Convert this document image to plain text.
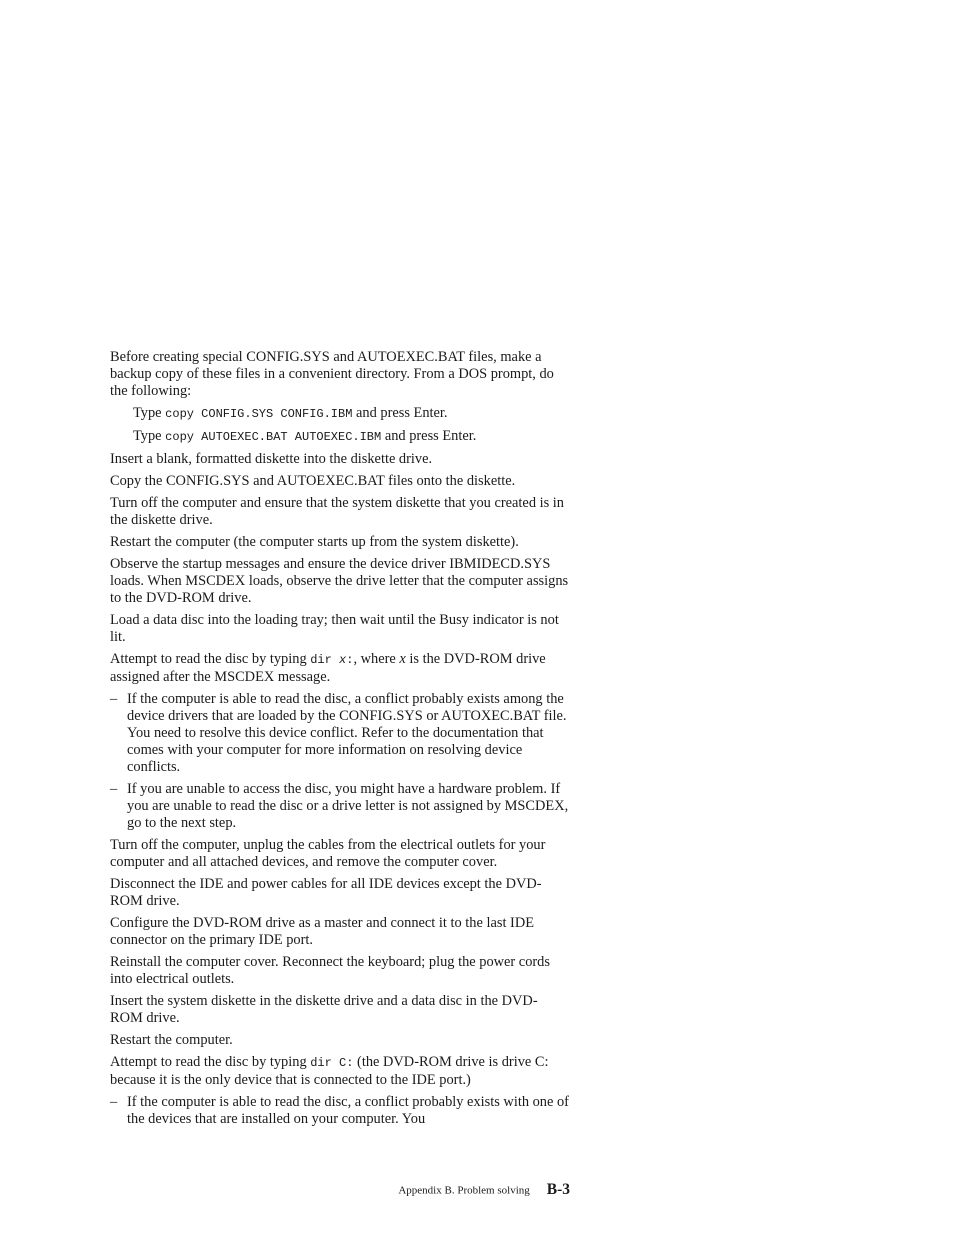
Before creating special CONFIG.SYS and AUTOEXEC.BAT files, make a backup copy of these files in a convenient directory. From a DOS prompt, do the following:

Type copy CONFIG.SYS CONFIG.IBM and press Enter.

Type copy AUTOEXEC.BAT AUTOEXEC.IBM and press Enter.

Insert a blank, formatted diskette into the diskette drive.

Copy the CONFIG.SYS and AUTOEXEC.BAT files onto the diskette.

Turn off the computer and ensure that the system diskette that you created is in the diskette drive.

Restart the computer (the computer starts up from the system diskette).

Observe the startup messages and ensure the device driver IBMIDECD.SYS loads. When MSCDEX loads, observe the drive letter that the computer assigns to the DVD-ROM drive.

Load a data disc into the loading tray; then wait until the Busy indicator is not lit.

Attempt to read the disc by typing dir x:, where x is the DVD-ROM drive assigned after the MSCDEX message.

– If the computer is able to read the disc, a conflict probably exists among the device drivers that are loaded by the CONFIG.SYS or AUTOXEC.BAT file. You need to resolve this device conflict. Refer to the documentation that comes with your computer for more information on resolving device conflicts.
– If you are unable to access the disc, you might have a hardware problem. If you are unable to read the disc or a drive letter is not assigned by MSCDEX, go to the next step.

Turn off the computer, unplug the cables from the electrical outlets for your computer and all attached devices, and remove the computer cover.

Disconnect the IDE and power cables for all IDE devices except the DVD-ROM drive.

Configure the DVD-ROM drive as a master and connect it to the last IDE connector on the primary IDE port.

Reinstall the computer cover. Reconnect the keyboard; plug the power cords into electrical outlets.

Insert the system diskette in the diskette drive and a data disc in the DVD-ROM drive.

Restart the computer.

Attempt to read the disc by typing dir C: (the DVD-ROM drive is drive C: because it is the only device that is connected to the IDE port.)

– If the computer is able to read the disc, a conflict probably exists with one of the devices that are installed on your computer. You
Appendix B. Problem solving B-3
